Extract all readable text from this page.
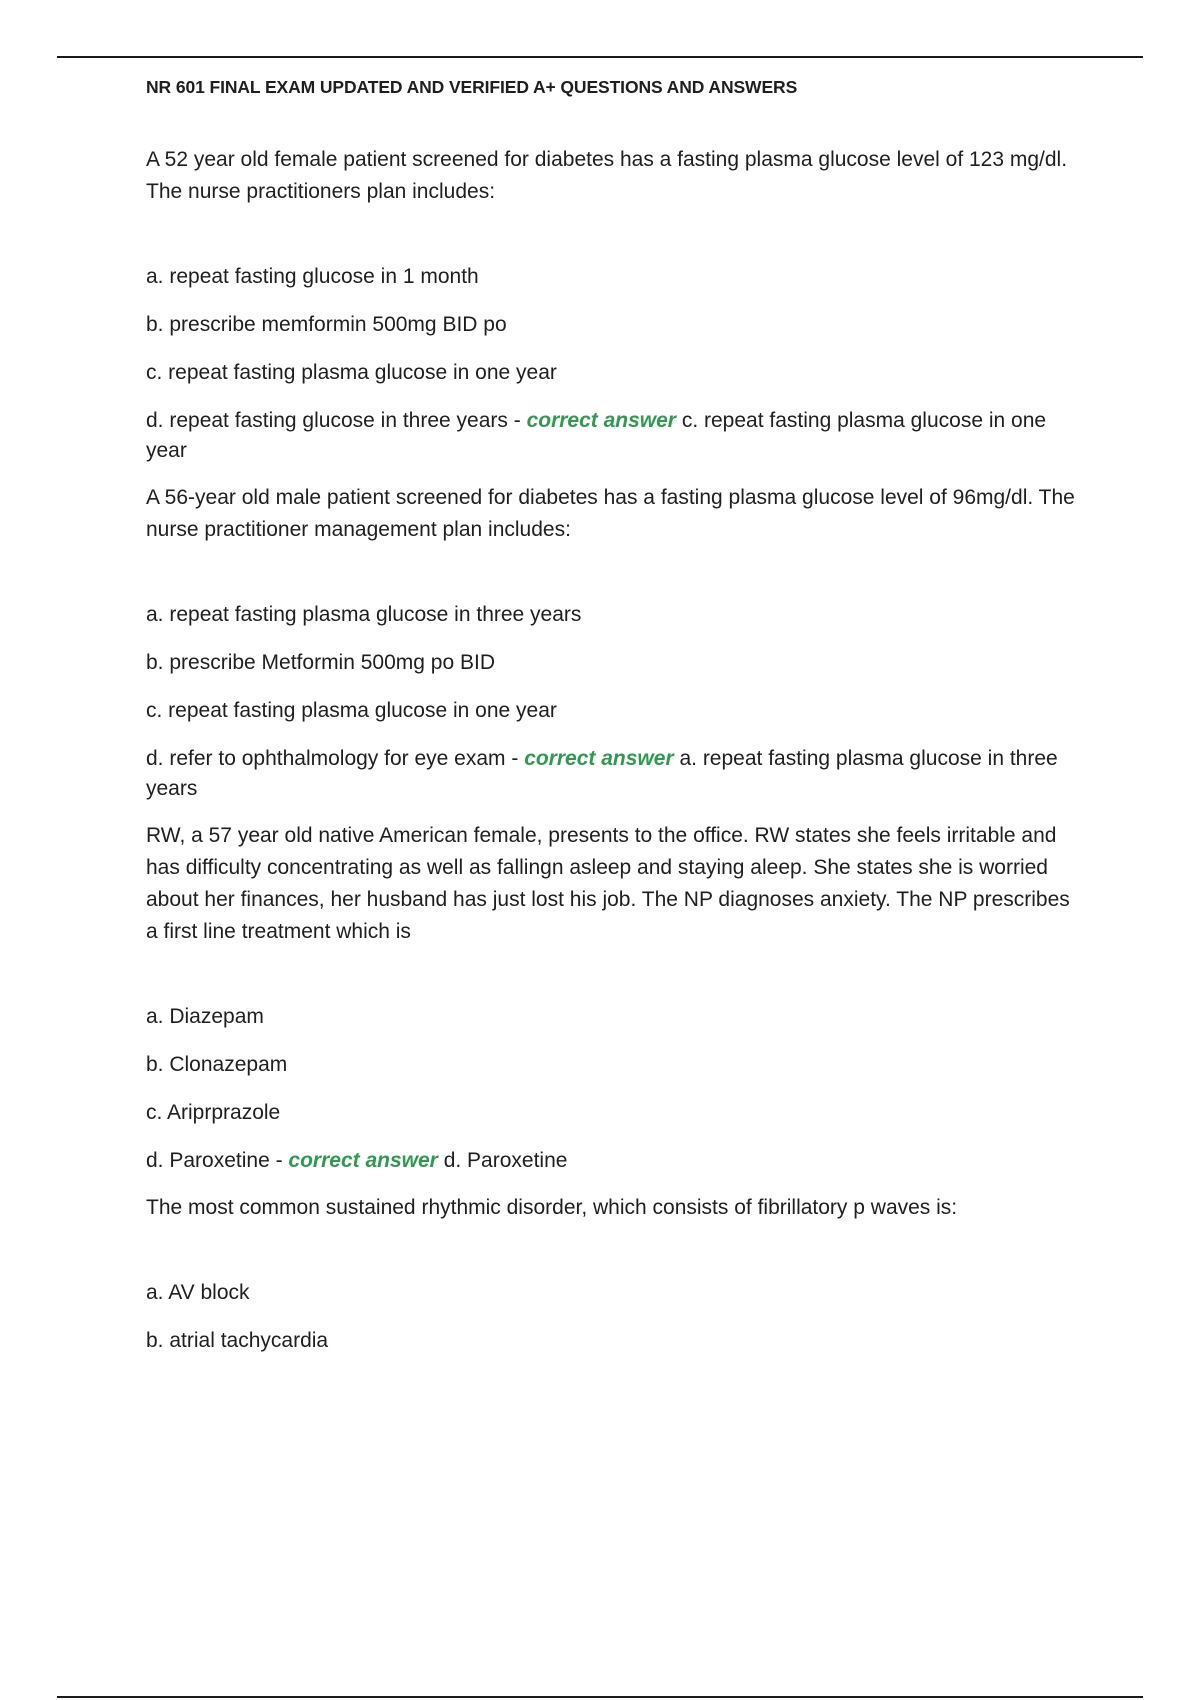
NR 601 FINAL EXAM UPDATED AND VERIFIED A+ QUESTIONS AND ANSWERS

A 52 year old female patient screened for diabetes has a fasting plasma glucose level of 123 mg/dl. The nurse practitioners plan includes:

a. repeat fasting glucose in 1 month

b. prescribe memformin 500mg BID po

c. repeat fasting plasma glucose in one year

d. repeat fasting glucose in three years - correct answer c. repeat fasting plasma glucose in one year

A 56-year old male patient screened for diabetes has a fasting plasma glucose level of 96mg/dl. The nurse practitioner management plan includes:

a. repeat fasting plasma glucose in three years

b. prescribe Metformin 500mg po BID

c. repeat fasting plasma glucose in one year

d. refer to ophthalmology for eye exam - correct answer a. repeat fasting plasma glucose in three years

RW, a 57 year old native American female, presents to the office. RW states she feels irritable and has difficulty concentrating as well as fallingn asleep and staying aleep. She states she is worried about her finances, her husband has just lost his job. The NP diagnoses anxiety. The NP prescribes a first line treatment which is

a. Diazepam

b. Clonazepam

c. Ariprprazole

d. Paroxetine - correct answer d. Paroxetine

The most common sustained rhythmic disorder, which consists of fibrillatory p waves is:

a. AV block

b. atrial tachycardia
